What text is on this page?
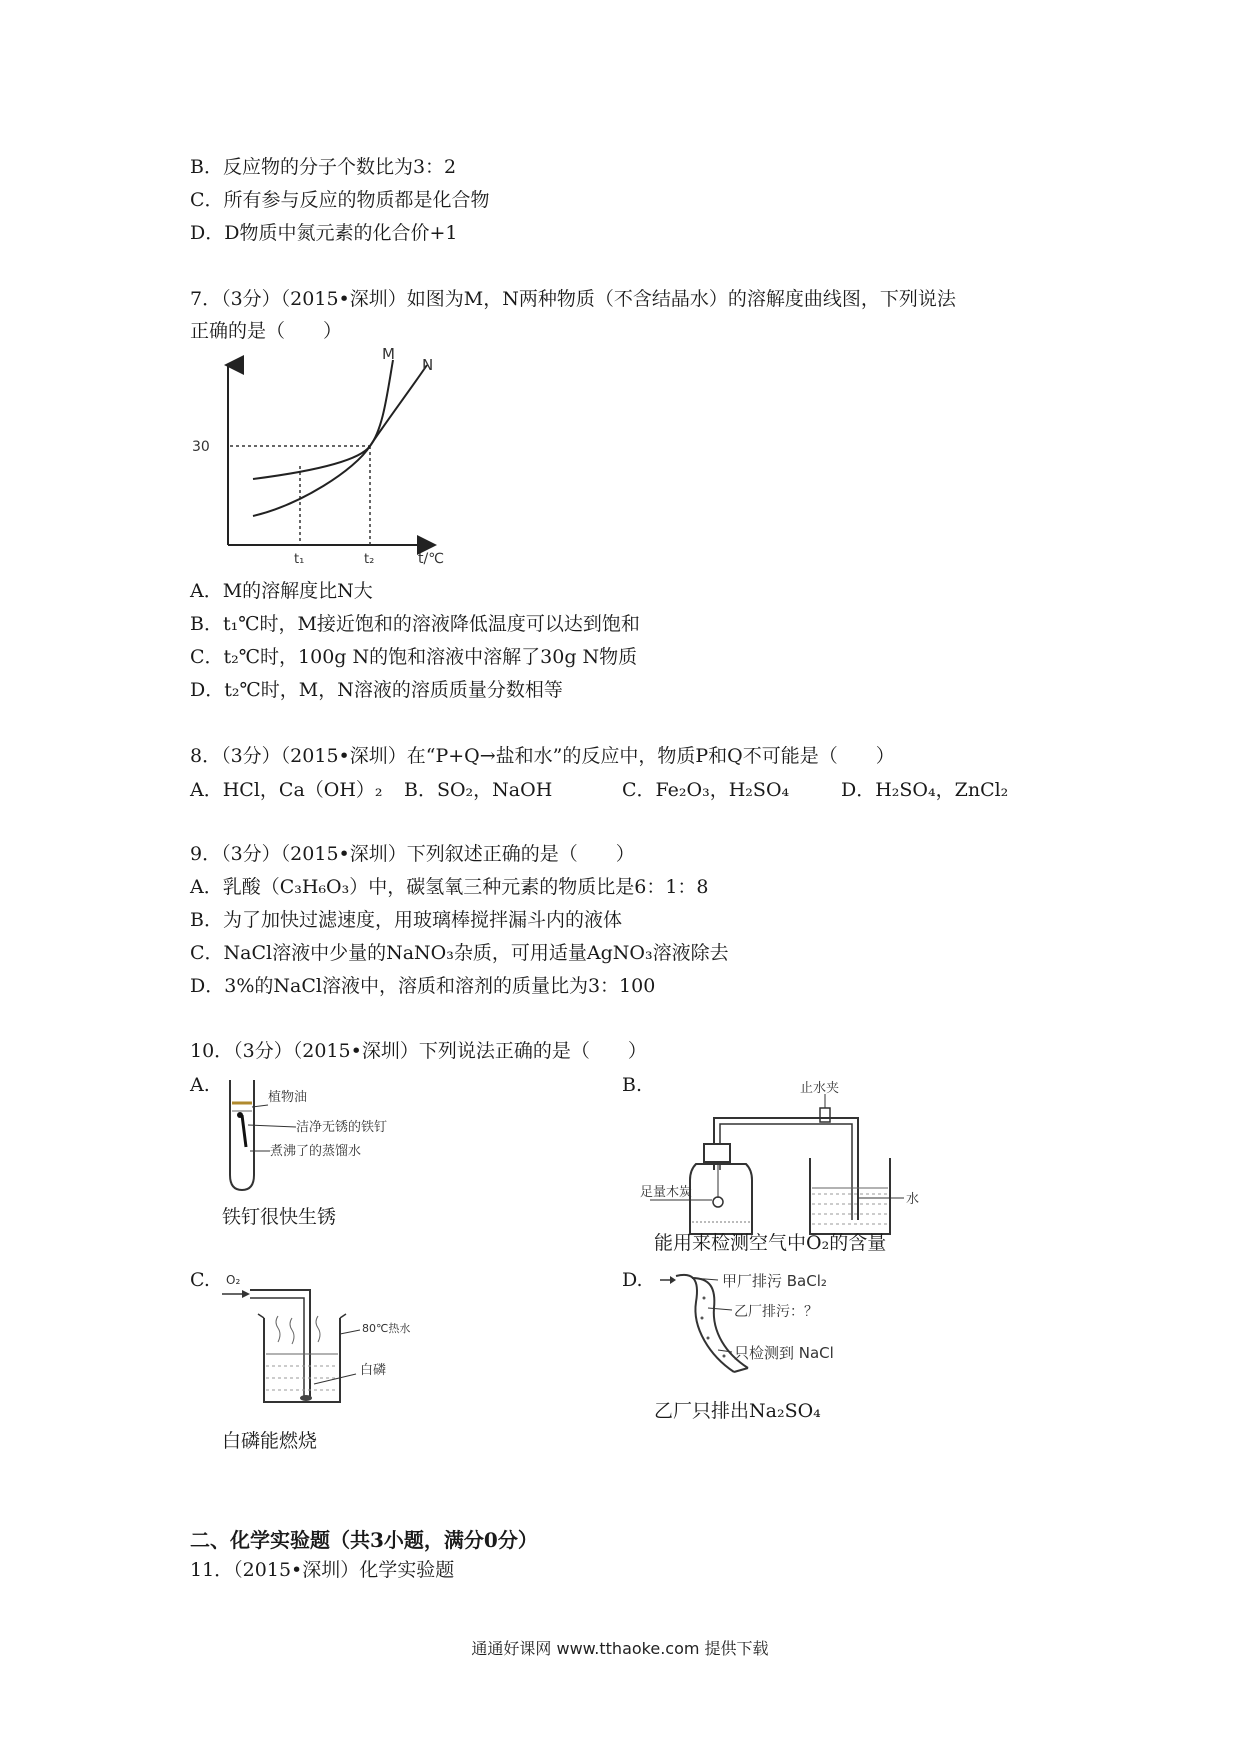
B．反应物的分子个数比为3：2
C．所有参与反应的物质都是化合物
D．D物质中氮元素的化合价+1
7．（3分）（2015•深圳）如图为M，N两种物质（不含结晶水）的溶解度曲线图，下列说法
正确的是（　　）
30
t₁	t₂	t/℃
M
N
A．M的溶解度比N大
B．t₁℃时，M接近饱和的溶液降低温度可以达到饱和
C．t₂℃时，100g N的饱和溶液中溶解了30g N物质
D．t₂℃时，M，N溶液的溶质质量分数相等
8．（3分）（2015•深圳）在“P+Q→盐和水”的反应中，物质P和Q不可能是（　　）
A．HCl，Ca（OH）₂ B．SO₂，NaOH	C．Fe₂O₃，H₂SO₄	D．H₂SO₄，ZnCl₂
9．（3分）（2015•深圳）下列叙述正确的是（　　）
A．乳酸（C₃H₆O₃）中，碳氢氧三种元素的物质比是6：1：8
B．为了加快过滤速度，用玻璃棒搅拌漏斗内的液体
C．NaCl溶液中少量的NaNO₃杂质，可用适量AgNO₃溶液除去
D．3%的NaCl溶液中，溶质和溶剂的质量比为3：100
10．（3分）（2015•深圳）下列说法正确的是（　　）
A.
植物油
洁净无锈的铁钉
煮沸了的蒸馏水
铁钉很快生锈
B.	止水夹
足量木炭	水
能用来检测空气中O₂的含量
C. O₂
80℃热水
白磷
白磷能燃烧
D.	甲厂排污 BaCl₂
乙厂排污：？
只检测到 NaCl
乙厂只排出Na₂SO₄
二、化学实验题（共3小题，满分0分）
11．（2015•深圳）化学实验题
通通好课网 www.tthaoke.com 提供下载
